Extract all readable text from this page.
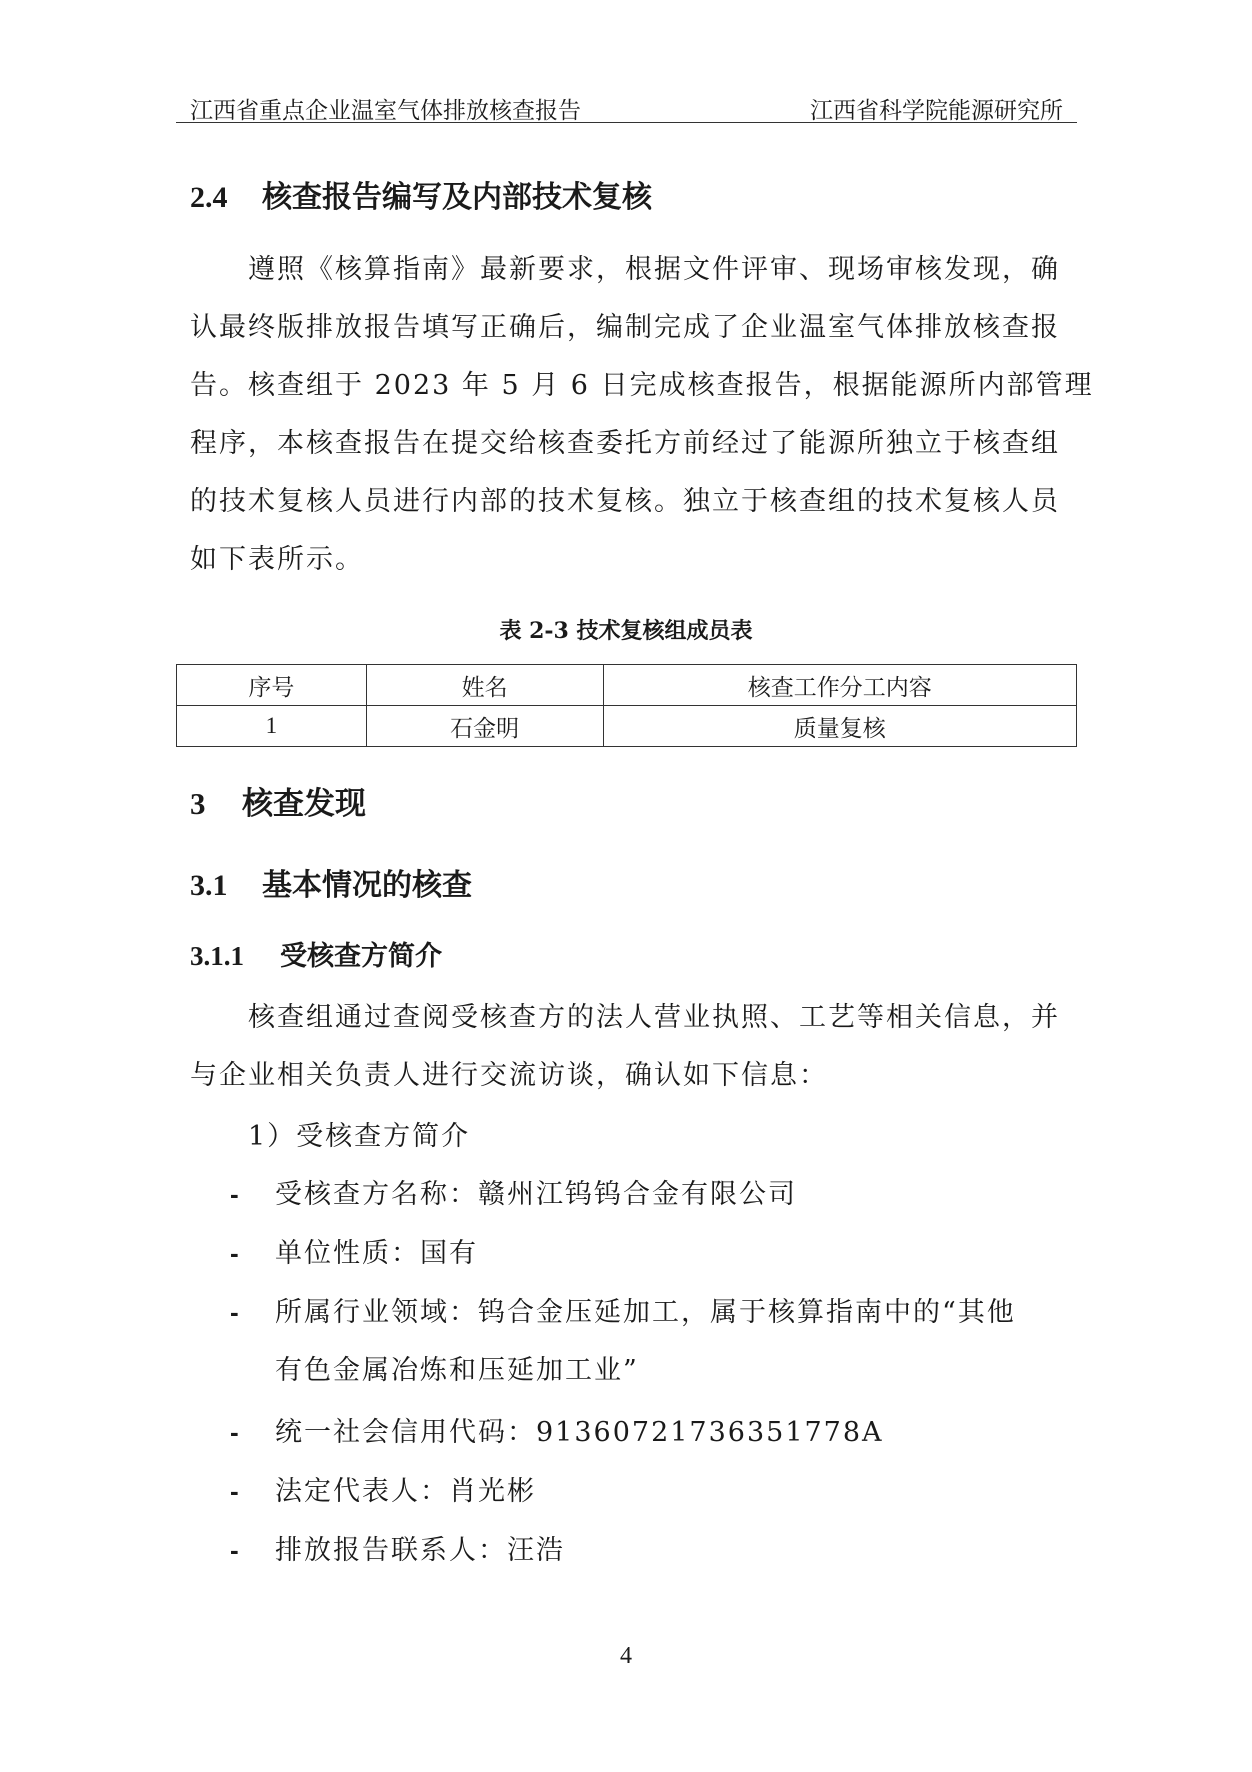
江西省重点企业温室气体排放核查报告	江西省科学院能源研究所
2.4 核查报告编写及内部技术复核
遵照《核算指南》最新要求，根据文件评审、现场审核发现，确
认最终版排放报告填写正确后，编制完成了企业温室气体排放核查报
告。核查组于 2023 年 5 月 6 日完成核查报告，根据能源所内部管理
程序，本核查报告在提交给核查委托方前经过了能源所独立于核查组
的技术复核人员进行内部的技术复核。独立于核查组的技术复核人员
如下表所示。
表 2-3 技术复核组成员表
序号	姓名	核查工作分工内容
1	石金明	质量复核
3 核查发现
3.1 基本情况的核查
3.1.1 受核查方简介
核查组通过查阅受核查方的法人营业执照、工艺等相关信息，并
与企业相关负责人进行交流访谈，确认如下信息：
1）受核查方简介
- 受核查方名称：赣州江钨钨合金有限公司
- 单位性质：国有
- 所属行业领域：钨合金压延加工，属于核算指南中的“其他
有色金属冶炼和压延加工业”
- 统一社会信用代码：91360721736351778A
- 法定代表人：肖光彬
- 排放报告联系人：汪浩
4
